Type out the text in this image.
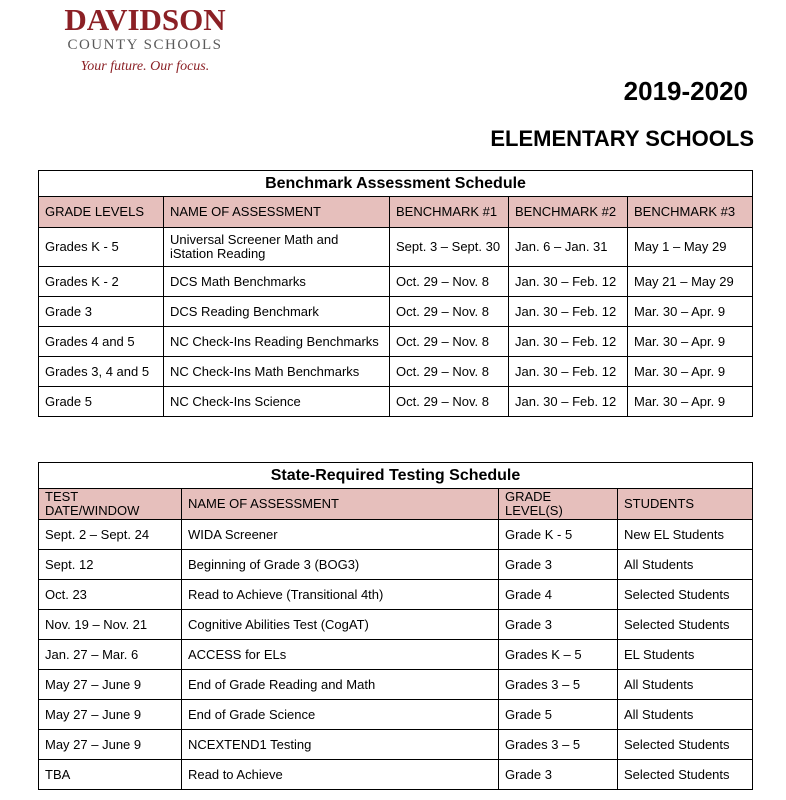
DAVIDSON
COUNTY SCHOOLS
Your future. Our focus.
2019-2020
ELEMENTARY SCHOOLS
Benchmark Assessment Schedule				
GRADE LEVELS	NAME OF ASSESSMENT	BENCHMARK #1	BENCHMARK #2	BENCHMARK #3
Grades K - 5	Universal Screener Math and iStation Reading	Sept. 3 – Sept. 30	Jan. 6 – Jan. 31	May 1 – May 29
Grades K - 2	DCS Math Benchmarks	Oct. 29 – Nov. 8	Jan. 30 – Feb. 12	May 21 – May 29
Grade 3	DCS Reading Benchmark	Oct. 29 – Nov. 8	Jan. 30 – Feb. 12	Mar. 30 – Apr. 9
Grades 4 and 5	NC Check-Ins Reading Benchmarks	Oct. 29 – Nov. 8	Jan. 30 – Feb. 12	Mar. 30 – Apr. 9
Grades 3, 4 and 5	NC Check-Ins Math Benchmarks	Oct. 29 – Nov. 8	Jan. 30 – Feb. 12	Mar. 30 – Apr. 9
Grade 5	NC Check-Ins Science	Oct. 29 – Nov. 8	Jan. 30 – Feb. 12	Mar. 30 – Apr. 9
State-Required Testing Schedule			
TEST DATE/WINDOW	NAME OF ASSESSMENT	GRADE LEVEL(S)	STUDENTS
Sept. 2 – Sept. 24	WIDA Screener	Grade K - 5	New EL Students
Sept. 12	Beginning of Grade 3 (BOG3)	Grade 3	All Students
Oct. 23	Read to Achieve (Transitional 4th)	Grade 4	Selected Students
Nov. 19 – Nov. 21	Cognitive Abilities Test (CogAT)	Grade 3	Selected Students
Jan. 27 – Mar. 6	ACCESS for ELs	Grades K – 5	EL Students
May 27 – June 9	End of Grade Reading and Math	Grades 3 – 5	All Students
May 27 – June 9	End of Grade Science	Grade 5	All Students
May 27 – June 9	NCEXTEND1 Testing	Grades 3 – 5	Selected Students
TBA	Read to Achieve	Grade 3	Selected Students
